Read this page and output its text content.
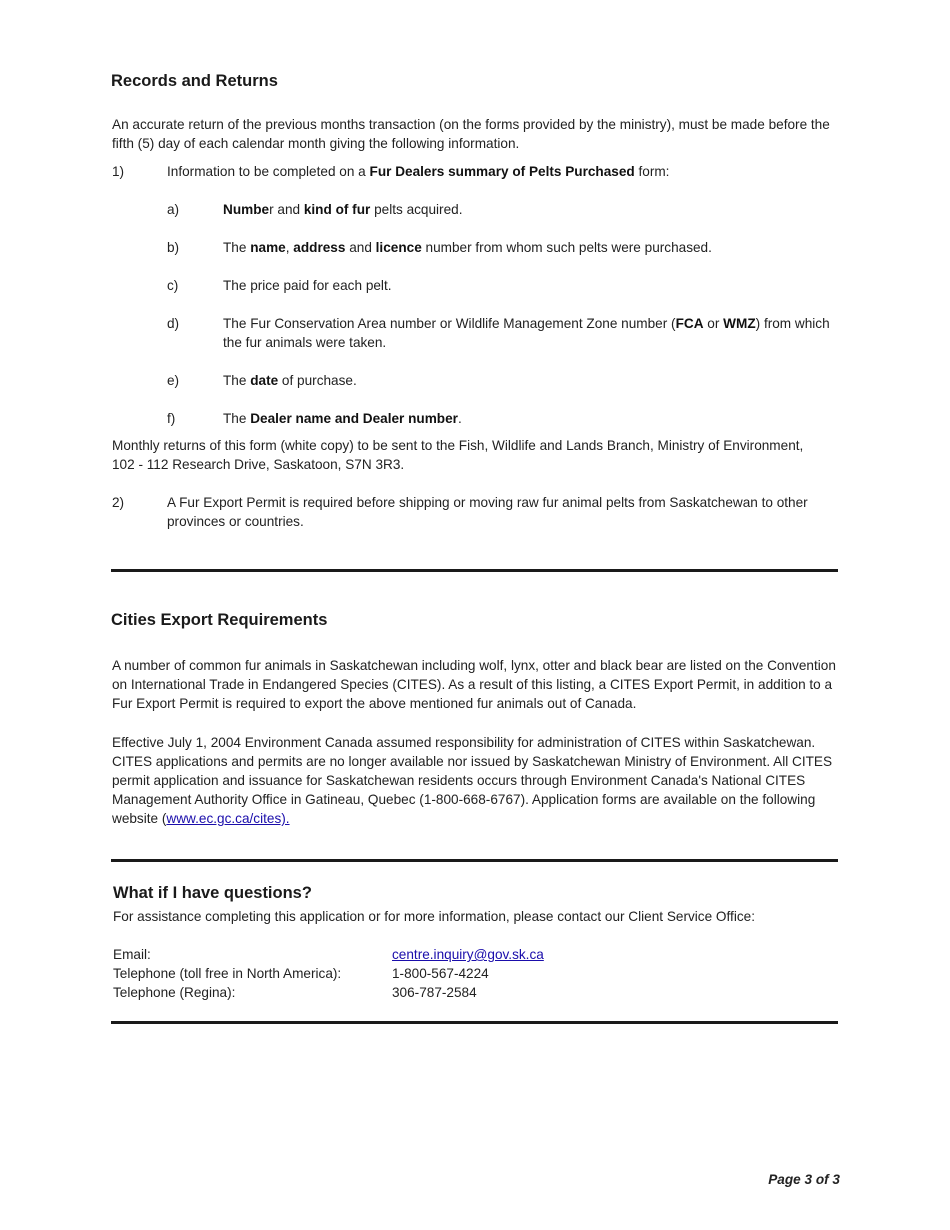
Records and Returns
An accurate return of the previous months transaction (on the forms provided by the ministry), must be made before the fifth (5) day of each calendar month giving the following information.
1)	Information to be completed on a Fur Dealers summary of Pelts Purchased form:
a)	Number and kind of fur pelts acquired.
b)	The name, address and licence number from whom such pelts were purchased.
c)	The price paid for each pelt.
d)	The Fur Conservation Area number or Wildlife Management Zone number (FCA or WMZ) from which the fur animals were taken.
e)	The date of purchase.
f)	The Dealer name and Dealer number.
Monthly returns of this form (white copy) to be sent to the Fish, Wildlife and Lands Branch, Ministry of Environment, 102 - 112 Research Drive, Saskatoon, S7N 3R3.
2)	A Fur Export Permit is required before shipping or moving raw fur animal pelts from Saskatchewan to other provinces or countries.
Cities Export Requirements
A number of common fur animals in Saskatchewan including wolf, lynx, otter and black bear are listed on the Convention on International Trade in Endangered Species (CITES). As a result of this listing, a CITES Export Permit, in addition to a Fur Export Permit is required to export the above mentioned fur animals out of Canada.
Effective July 1, 2004 Environment Canada assumed responsibility for administration of CITES within Saskatchewan. CITES applications and permits are no longer available nor issued by Saskatchewan Ministry of Environment. All CITES permit application and issuance for Saskatchewan residents occurs through Environment Canada's National CITES Management Authority Office in Gatineau, Quebec (1-800-668-6767). Application forms are available on the following website (www.ec.gc.ca/cites).
What if I have questions?
For assistance completing this application or for more information, please contact our Client Service Office:
Email:	centre.inquiry@gov.sk.ca
Telephone (toll free in North America):	1-800-567-4224
Telephone (Regina):	306-787-2584
Page 3 of 3
